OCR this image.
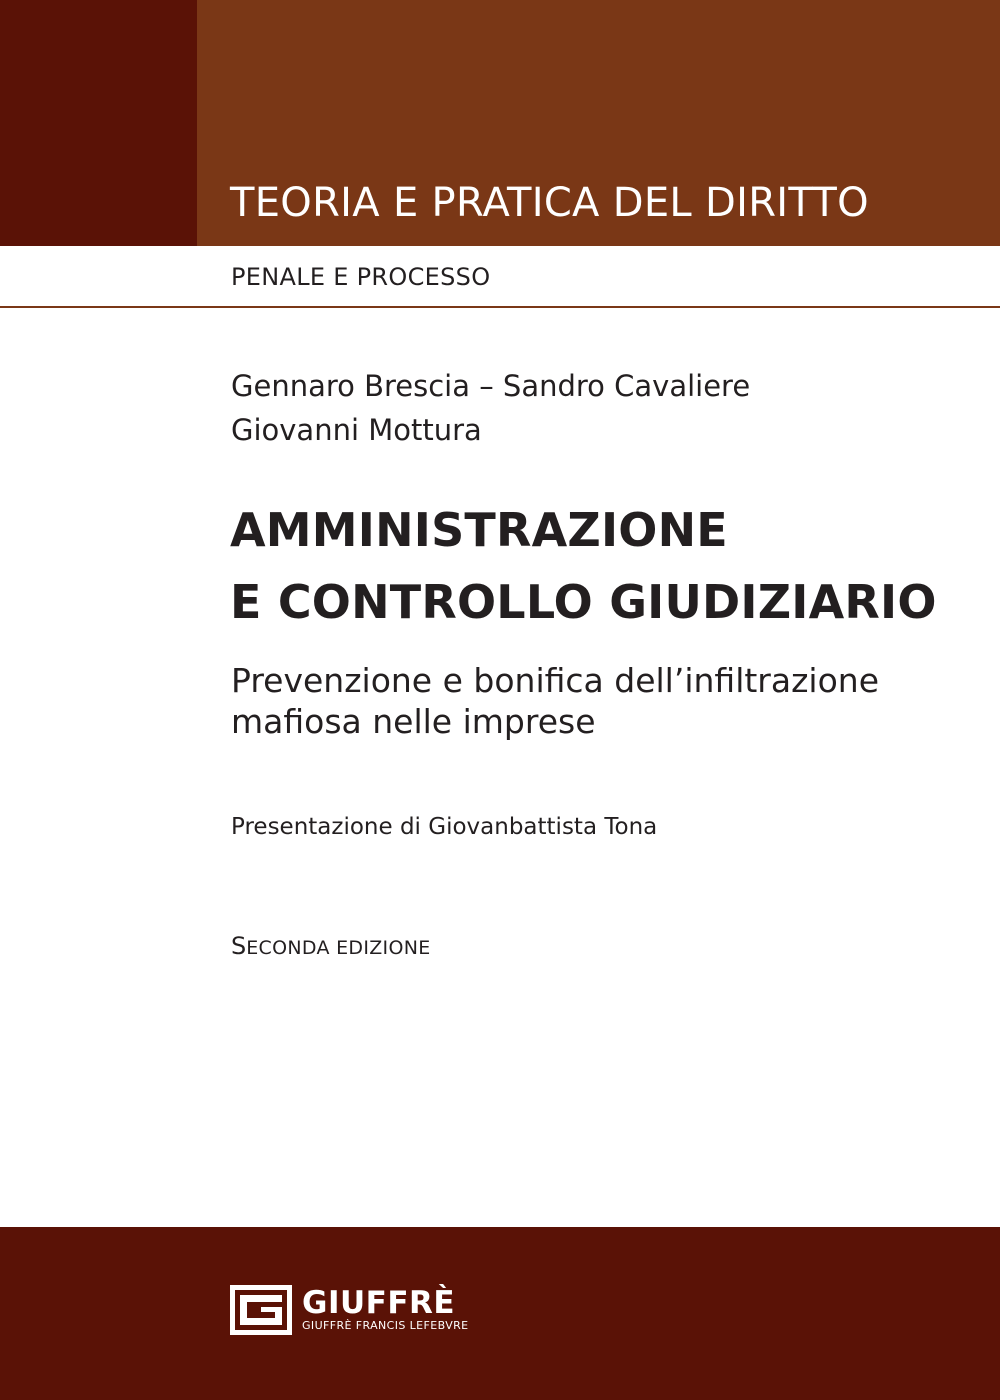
TEORIA E PRATICA DEL DIRITTO
PENALE E PROCESSO
Gennaro Brescia – Sandro Cavaliere
Giovanni Mottura
AMMINISTRAZIONE
E CONTROLLO GIUDIZIARIO
Prevenzione e bonifica dell’infiltrazione
mafiosa nelle imprese
Presentazione di Giovanbattista Tona
SECONDA EDIZIONE
GIUFFRÈ
GIUFFRÈ FRANCIS LEFEBVRE
